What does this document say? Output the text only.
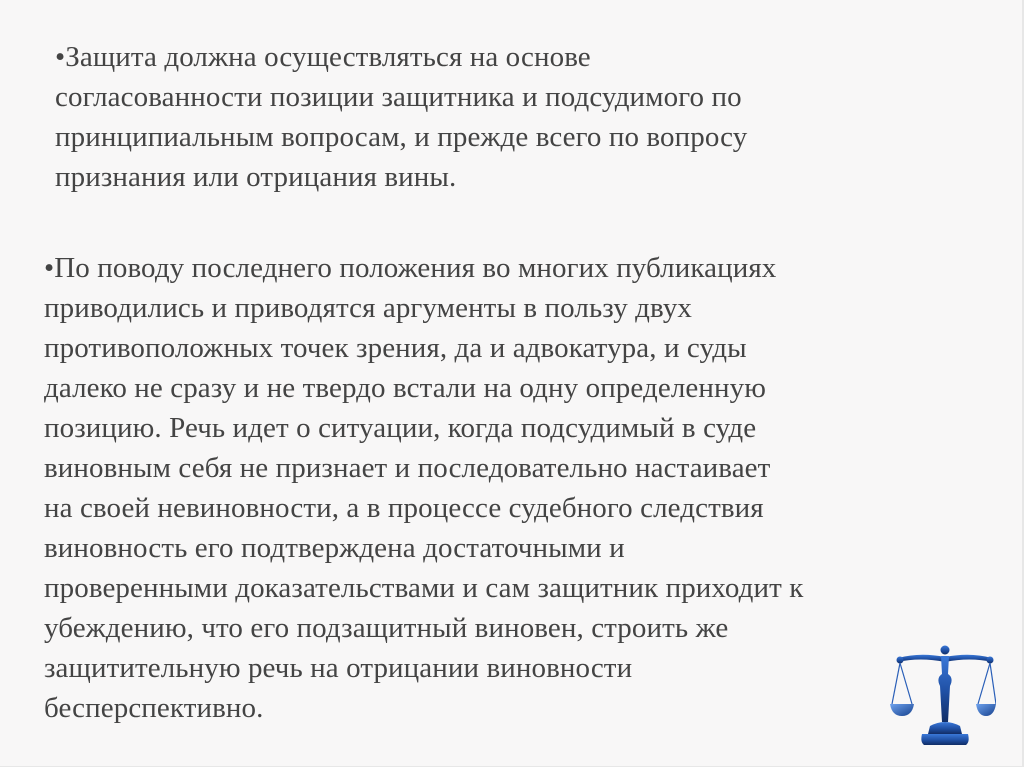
•Защита должна осуществляться на основе
согласованности позиции защитника и подсудимого по
принципиальным вопросам, и прежде всего по вопросу
признания или отрицания вины.

•По поводу последнего положения во многих публикациях
приводились и приводятся аргументы в пользу двух
противоположных точек зрения, да и адвокатура, и суды
далеко не сразу и не твердо встали на одну определенную
позицию. Речь идет о ситуации, когда подсудимый в суде
виновным себя не признает и последовательно настаивает
на своей невиновности, а в процессе судебного следствия
виновность его подтверждена достаточными и
проверенными доказательствами и сам защитник приходит к
убеждению, что его подзащитный виновен, строить же
защитительную речь на отрицании виновности
бесперспективно.
